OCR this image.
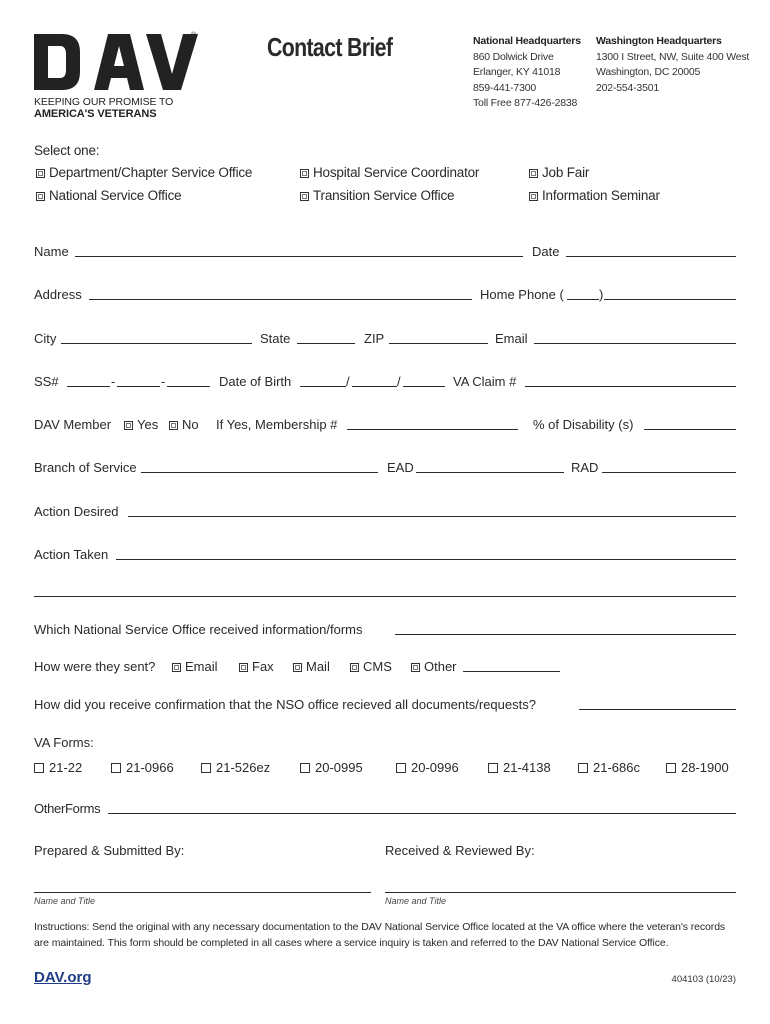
®
KEEPING OUR PROMISE TO
AMERICA'S VETERANS
Contact Brief	National Headquarters
860 Dolwick Drive
Erlanger, KY 41018
859-441-7300
Toll Free 877-426-2838
Washington Headquarters
1300 I Street, NW, Suite 400 West
Washington, DC 20005
202-554-3501
Select one:
Department/Chapter Service Office
National Service Office
Hospital Service Coordinator
Transition Service Office
Job Fair
Information Seminar
Name	Date
Address	Home Phone (	)
City	State	ZIP	Email
SS#	-	-	Date of Birth	/	/	VA Claim #
DAV Member	Yes	No If Yes, Membership #	% of Disability (s)
Branch of Service	EAD	RAD
Action Desired
Action Taken
Which National Service Office received information/forms
How were they sent?	Email	Fax	Mail	CMS	Other
How did you receive confirmation that the NSO office recieved all documents/requests?
VA Forms:
21-22	21-0966	21-526ez	20-0995	20-0996	21-4138	21-686c	28-1900
OtherForms
Prepared & Submitted By:	Received & Reviewed By:
Name and Title	Name and Title
Instructions: Send the original with any necessary documentation to the DAV National Service Office located at the VA office where the veteran's records are maintained. This form should be completed in all cases where a service inquiry is taken and referred to the DAV National Service Office.
DAV.org	404103 (10/23)
